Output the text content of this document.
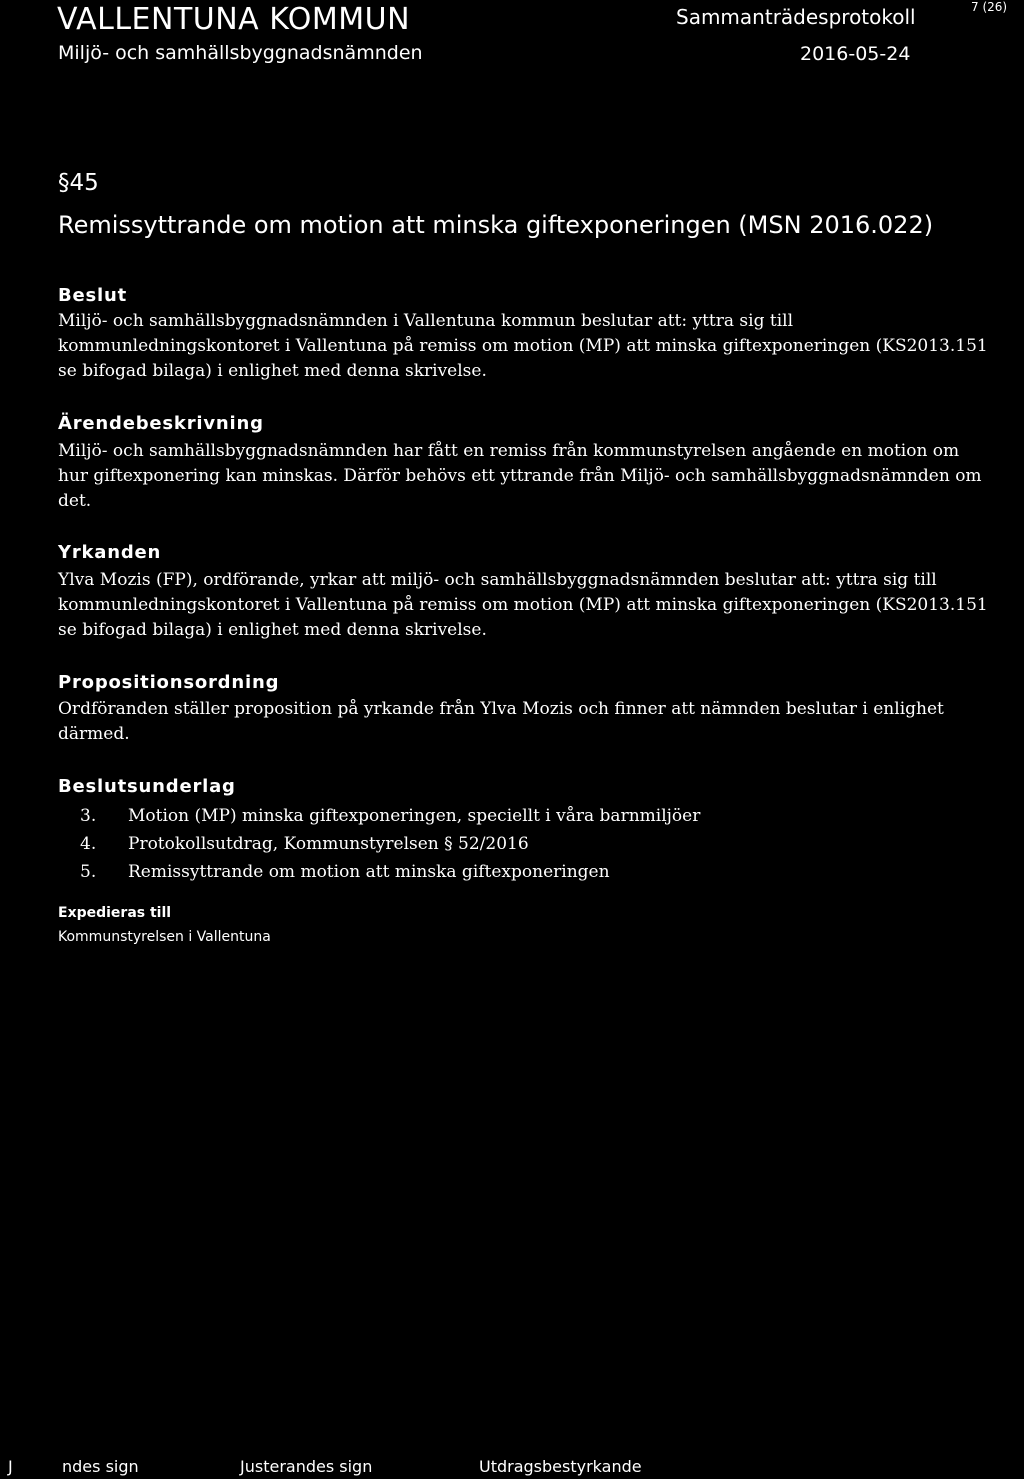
VALLENTUNA KOMMUN
Miljö- och samhällsbyggnadsnämnden
Sammanträdesprotokoll
2016-05-24
7 (26)
§45
Remissyttrande om motion att minska giftexponeringen (MSN 2016.022)
Beslut
Miljö- och samhällsbyggnadsnämnden i Vallentuna kommun beslutar att: yttra sig till kommunledningskontoret i Vallentuna på remiss om motion (MP) att minska giftexponeringen (KS2013.151 se bifogad bilaga) i enlighet med denna skrivelse.
Ärendebeskrivning
Miljö- och samhällsbyggnadsnämnden har fått en remiss från kommunstyrelsen angående en motion om hur giftexponering kan minskas. Därför behövs ett yttrande från Miljö- och samhällsbyggnadsnämnden om det.
Yrkanden
Ylva Mozis (FP), ordförande, yrkar att miljö- och samhällsbyggnadsnämnden beslutar att: yttra sig till kommunledningskontoret i Vallentuna på remiss om motion (MP) att minska giftexponeringen (KS2013.151 se bifogad bilaga) i enlighet med denna skrivelse.
Propositionsordning
Ordföranden ställer proposition på yrkande från Ylva Mozis och finner att nämnden beslutar i enlighet därmed.
Beslutsunderlag
3. Motion (MP) minska giftexponeringen, speciellt i våra barnmiljöer
4. Protokollsutdrag, Kommunstyrelsen § 52/2016
5. Remissyttrande om motion att minska giftexponeringen
Expedieras till
Kommunstyrelsen i Vallentuna
J	ndes sign	Justerandes sign	Utdragsbestyrkande
